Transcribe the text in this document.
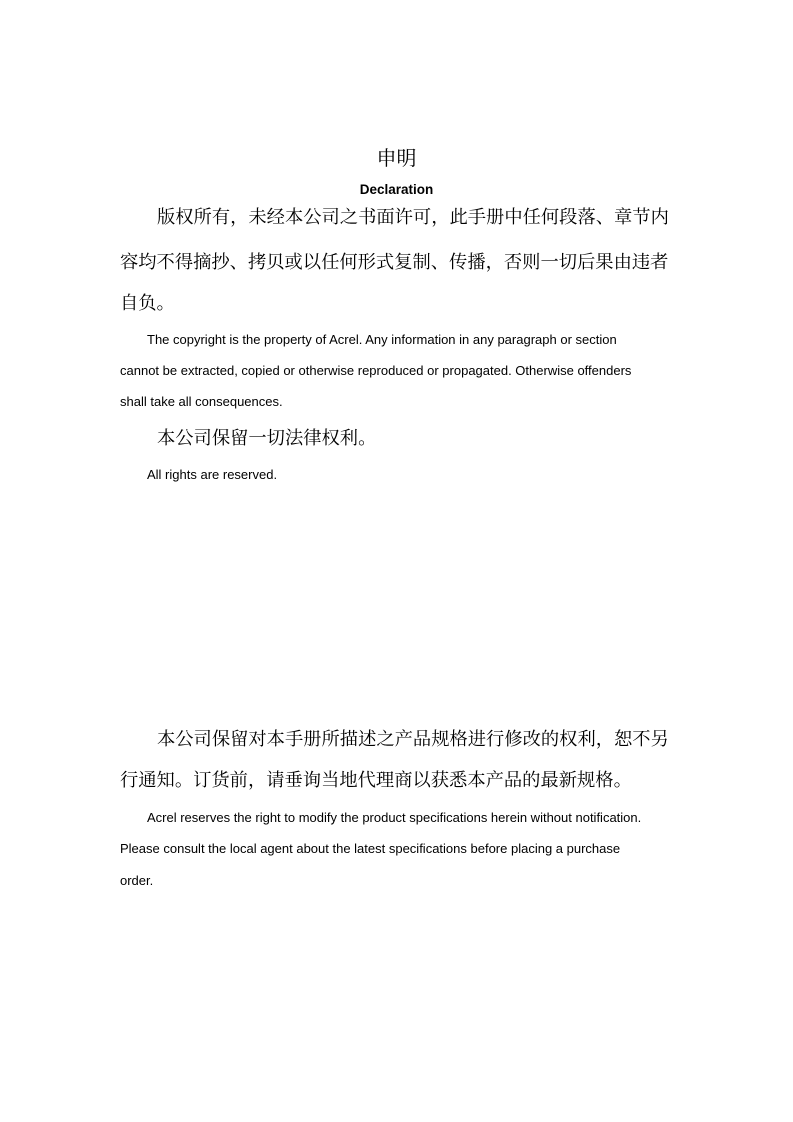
申明
Declaration
版权所有，未经本公司之书面许可，此手册中任何段落、章节内
容均不得摘抄、拷贝或以任何形式复制、传播，否则一切后果由违者
自负。
The copyright is the property of Acrel. Any information in any paragraph or section
cannot be extracted, copied or otherwise reproduced or propagated. Otherwise offenders
shall take all consequences.
本公司保留一切法律权利。
All rights are reserved.
本公司保留对本手册所描述之产品规格进行修改的权利，恕不另
行通知。订货前，请垂询当地代理商以获悉本产品的最新规格。
Acrel reserves the right to modify the product specifications herein without notification.
Please consult the local agent about the latest specifications before placing a purchase
order.
